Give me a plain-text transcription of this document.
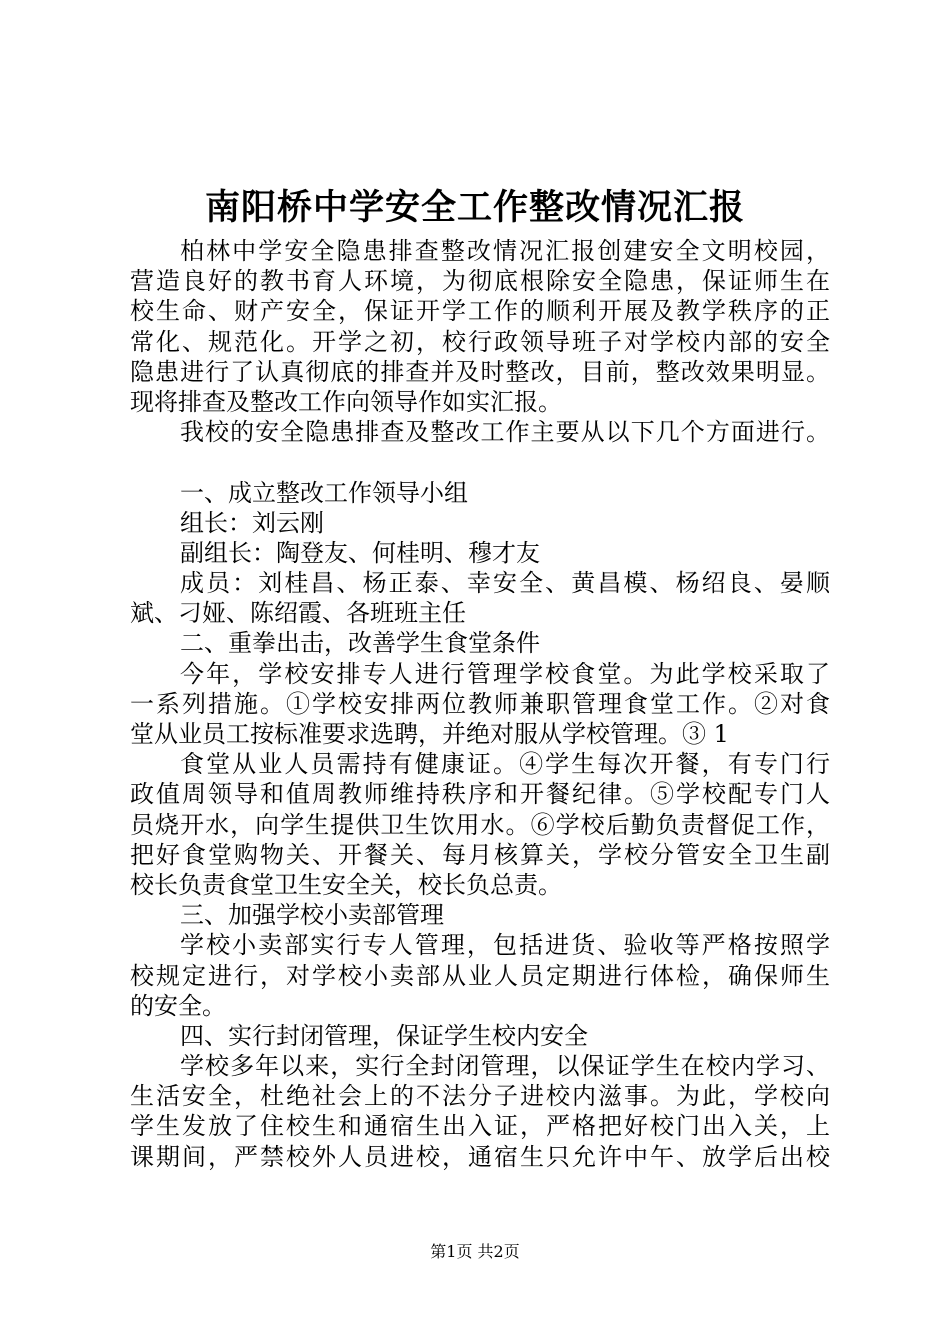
南阳桥中学安全工作整改情况汇报
柏林中学安全隐患排查整改情况汇报创建安全文明校园，
营造良好的教书育人环境，为彻底根除安全隐患，保证师生在
校生命、财产安全，保证开学工作的顺利开展及教学秩序的正
常化、规范化。开学之初，校行政领导班子对学校内部的安全
隐患进行了认真彻底的排查并及时整改，目前，整改效果明显。
现将排查及整改工作向领导作如实汇报。
我校的安全隐患排查及整改工作主要从以下几个方面进行。
一、成立整改工作领导小组
组长：刘云刚
副组长：陶登友、何桂明、穆才友
成员：刘桂昌、杨正泰、幸安全、黄昌模、杨绍良、晏顺
斌、刁娅、陈绍霞、各班班主任
二、重拳出击，改善学生食堂条件
今年，学校安排专人进行管理学校食堂。为此学校采取了
一系列措施。①学校安排两位教师兼职管理食堂工作。②对食
堂从业员工按标准要求选聘，并绝对服从学校管理。③ 1
食堂从业人员需持有健康证。④学生每次开餐，有专门行
政值周领导和值周教师维持秩序和开餐纪律。⑤学校配专门人
员烧开水，向学生提供卫生饮用水。⑥学校后勤负责督促工作，
把好食堂购物关、开餐关、每月核算关，学校分管安全卫生副
校长负责食堂卫生安全关，校长负总责。
三、加强学校小卖部管理
学校小卖部实行专人管理，包括进货、验收等严格按照学
校规定进行，对学校小卖部从业人员定期进行体检，确保师生
的安全。
四、实行封闭管理，保证学生校内安全
学校多年以来，实行全封闭管理，以保证学生在校内学习、
生活安全，杜绝社会上的不法分子进校内滋事。为此，学校向
学生发放了住校生和通宿生出入证，严格把好校门出入关，上
课期间，严禁校外人员进校，通宿生只允许中午、放学后出校
第1页 共2页
